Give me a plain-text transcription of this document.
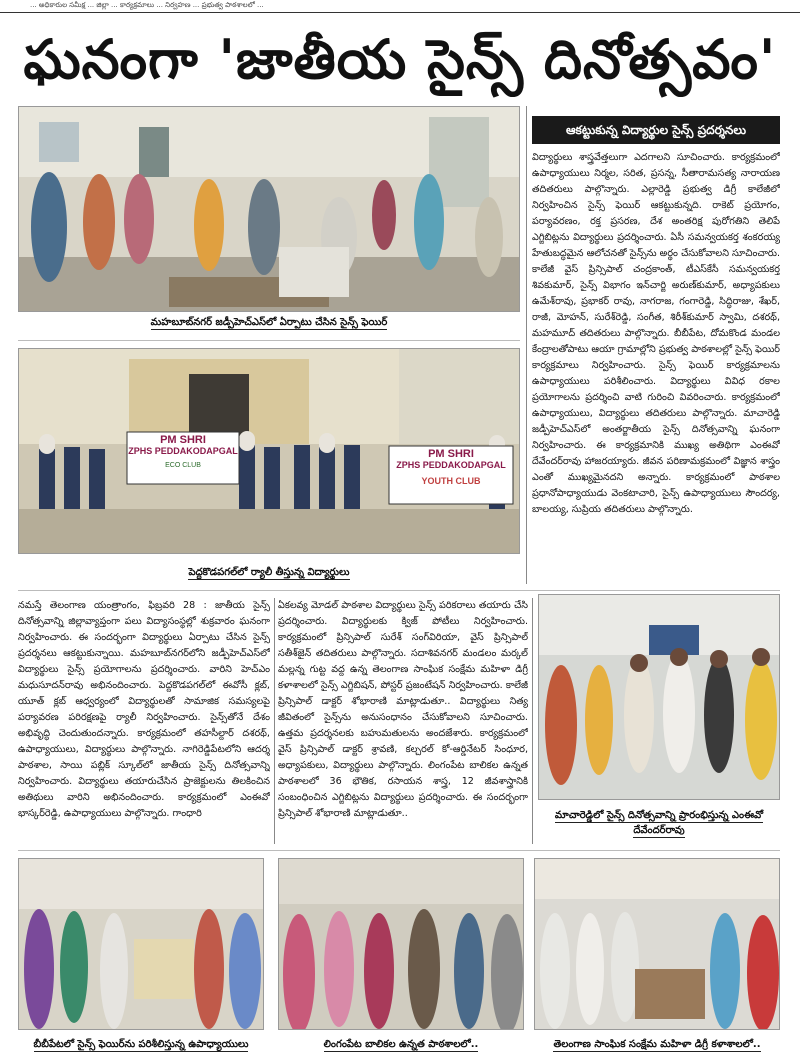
... అధికారుల సమీక్ష ... జిల్లా ... కార్యక్రమాలు ... నిర్వహణ ... ప్రభుత్వ పాఠశాలలో ...
ఘనంగా 'జాతీయ సైన్స్ దినోత్సవం'
మహబూబ్‌నగర్ జడ్పీహెచ్‌ఎస్‌లో ఏర్పాటు చేసిన సైన్స్ ఫెయిర్
PM SHRI
ZPHS PEDDAKODAPGAL
ECO CLUB
PM SHRI
ZPHS PEDDAKODAPGAL
YOUTH CLUB
పెద్దకొడపగల్‌లో ర్యాలీ తీస్తున్న విద్యార్థులు
ఆకట్టుకున్న విద్యార్థుల సైన్స్ ప్రదర్శనలు

విద్యార్థులు శాస్త్రవేత్తలుగా ఎదగాలని సూచించారు. కార్యక్రమంలో ఉపాధ్యాయులు నిర్మల, సరిత, ప్రసన్న, సీతారామసత్య నారాయణ తదితరులు పాల్గొన్నారు. ఎల్లారెడ్డి ప్రభుత్వ డిగ్రీ కాలేజీలో నిర్వహించిన సైన్స్ ఫెయిర్ ఆకట్టుకున్నది. రాకెట్ ప్రయోగం, పర్యావరణం, రక్త ప్రసరణ, దేశ అంతరిక్ష పురోగతిని తెలిపే ఎగ్జిబిట్లను విద్యార్థులు ప్రదర్శించారు. ఏసీ సమన్వయకర్త శంకరయ్య హేతుబద్ధమైన ఆలోచనతో సైన్స్‌ను అర్థం చేసుకోవాలని సూచించారు. కాలేజీ వైస్ ప్రిన్సిపాల్ చంద్రకాంత్, టీఎస్‌కేసీ సమన్వయకర్త శివకుమార్, సైన్స్ విభాగం ఇన్‌చార్జి అరుణ్‌కుమార్, అధ్యాపకులు ఉమేశ్‌రావు, ప్రభాకర్ రావు, నాగరాజ, గంగారెడ్డి, సిద్ధిరాజు, శేఖర్, రాజీ, మోహన్, సురేశ్‌రెడ్డి, సంగీత, శిరీశ్‌కుమార్ స్వామి, దశరథ్, మహమూద్ తదితరులు పాల్గొన్నారు. బీబీపేట, దోమకొండ మండల కేంద్రాలతోపాటు ఆయా గ్రామాల్లోని ప్రభుత్వ పాఠశాలల్లో సైన్స్ ఫెయిర్ కార్యక్రమాలు నిర్వహించారు. సైన్స్ ఫెయిర్ కార్యక్రమాలను ఉపాధ్యాయులు పరిశీలించారు. విద్యార్థులు వివిధ రకాల ప్రయోగాలను ప్రదర్శించి వాటి గురించి వివరించారు. కార్యక్రమంలో ఉపాధ్యాయులు, విద్యార్థులు తదితరులు పాల్గొన్నారు. మాచారెడ్డి జడ్పీహెచ్‌ఎస్‌లో అంతర్జాతీయ సైన్స్ దినోత్సవాన్ని ఘనంగా నిర్వహించారు. ఈ కార్యక్రమానికి ముఖ్య అతిథిగా ఎంఈవో దేవేందర్‌రావు హాజరయ్యారు. జీవన పరిణామక్రమంలో విజ్ఞాన శాస్త్రం ఎంతో ముఖ్యమైనదని అన్నారు. కార్యక్రమంలో పాఠశాల ప్రధానోపాధ్యాయుడు వెంకటాచారి, సైన్స్ ఉపాధ్యాయులు సౌందర్య, బాలయ్య, సుప్రియ తదితరులు పాల్గొన్నారు.

నమస్తే తెలంగాణ యంత్రాంగం, ఫిబ్రవరి 28 : జాతీయ సైన్స్ దినోత్సవాన్ని జిల్లావ్యాప్తంగా పలు విద్యాసంస్థల్లో శుక్రవారం ఘనంగా నిర్వహించారు. ఈ సందర్భంగా విద్యార్థులు ఏర్పాటు చేసిన సైన్స్ ప్రదర్శనలు ఆకట్టుకున్నాయి. మహబూబ్‌నగర్‌లోని జడ్పీహెచ్‌ఎస్‌లో విద్యార్థులు సైన్స్ ప్రయోగాలను ప్రదర్శించారు. వారిని హెచ్‌ఎం మధుసూదన్‌రావు అభినందించారు. పెద్దకొడపగల్‌లో ఈవోసీ క్లబ్, యూత్ క్లబ్ ఆధ్వర్యంలో విద్యార్థులతో సామాజిక సమస్యలపై పర్యావరణ పరిరక్షణపై ర్యాలీ నిర్వహించారు. సైన్స్‌తోనే దేశం అభివృద్ధి చెందుతుందన్నారు. కార్యక్రమంలో తహసీల్దార్ దశరథ్, ఉపాధ్యాయులు, విద్యార్థులు పాల్గొన్నారు. నాగిరెడ్డిపేటలోని ఆదర్శ పాఠశాల, సాయి పబ్లిక్ స్కూల్‌లో జాతీయ సైన్స్ దినోత్సవాన్ని నిర్వహించారు. విద్యార్థులు తయారుచేసిన ప్రాజెక్టులను తిలకించిన అతిథులు వారిని అభినందించారు. కార్యక్రమంలో ఎంఈవో భాస్కర్‌రెడ్డి, ఉపాధ్యాయులు పాల్గొన్నారు. గాంధారి

ఏకలవ్య మోడల్ పాఠశాల విద్యార్థులు సైన్స్ పరికరాలు తయారు చేసి ప్రదర్శించారు. విద్యార్థులకు క్విజ్ పోటీలు నిర్వహించారు. కార్యక్రమంలో ప్రిన్సిపాల్ సురేశ్ సంగ్‌విరియా, వైస్ ప్రిన్సిపాల్ సతీశ్‌జైన్ తదితరులు పాల్గొన్నారు. సదాశివనగర్ మండలం మర్కల్ మల్లన్న గుట్ట వద్ద ఉన్న తెలంగాణ సాంఘిక సంక్షేమ మహిళా డిగ్రీ కళాశాలలో సైన్స్ ఎగ్జిబిషన్, పోస్టర్ ప్రజంటేషన్ నిర్వహించారు. కాలేజీ ప్రిన్సిపాల్ డాక్టర్ శోభారాణి మాట్లాడుతూ.. విద్యార్థులు నిత్య జీవితంలో సైన్స్‌ను అనుసంధానం చేసుకోవాలని సూచించారు. ఉత్తమ ప్రదర్శనలకు బహుమతులను అందజేశారు. కార్యక్రమంలో వైస్ ప్రిన్సిపాల్ డాక్టర్ శ్రావణి, కల్చరల్ కో-ఆర్డినేటర్ సింధూర, అధ్యాపకులు, విద్యార్థులు పాల్గొన్నారు. లింగంపేట బాలికల ఉన్నత పాఠశాలలో 36 భౌతిక, రసాయన శాస్త్ర, 12 జీవశాస్త్రానికి సంబంధించిన ఎగ్జిబిట్లను విద్యార్థులు ప్రదర్శించారు. ఈ సందర్భంగా ప్రిన్సిపాల్ శోభారాణి మాట్లాడుతూ..	మాచారెడ్డిలో సైన్స్ దినోత్సవాన్ని ప్రారంభిస్తున్న ఎంఈవో దేవేందర్‌రావు
బీబీపేటలో సైన్స్ ఫెయిర్‌ను పరిశీలిస్తున్న ఉపాధ్యాయులు	లింగంపేట బాలికల ఉన్నత పాఠశాలలో..	తెలంగాణ సాంఘిక సంక్షేమ మహిళా డిగ్రీ కళాశాలలో..
